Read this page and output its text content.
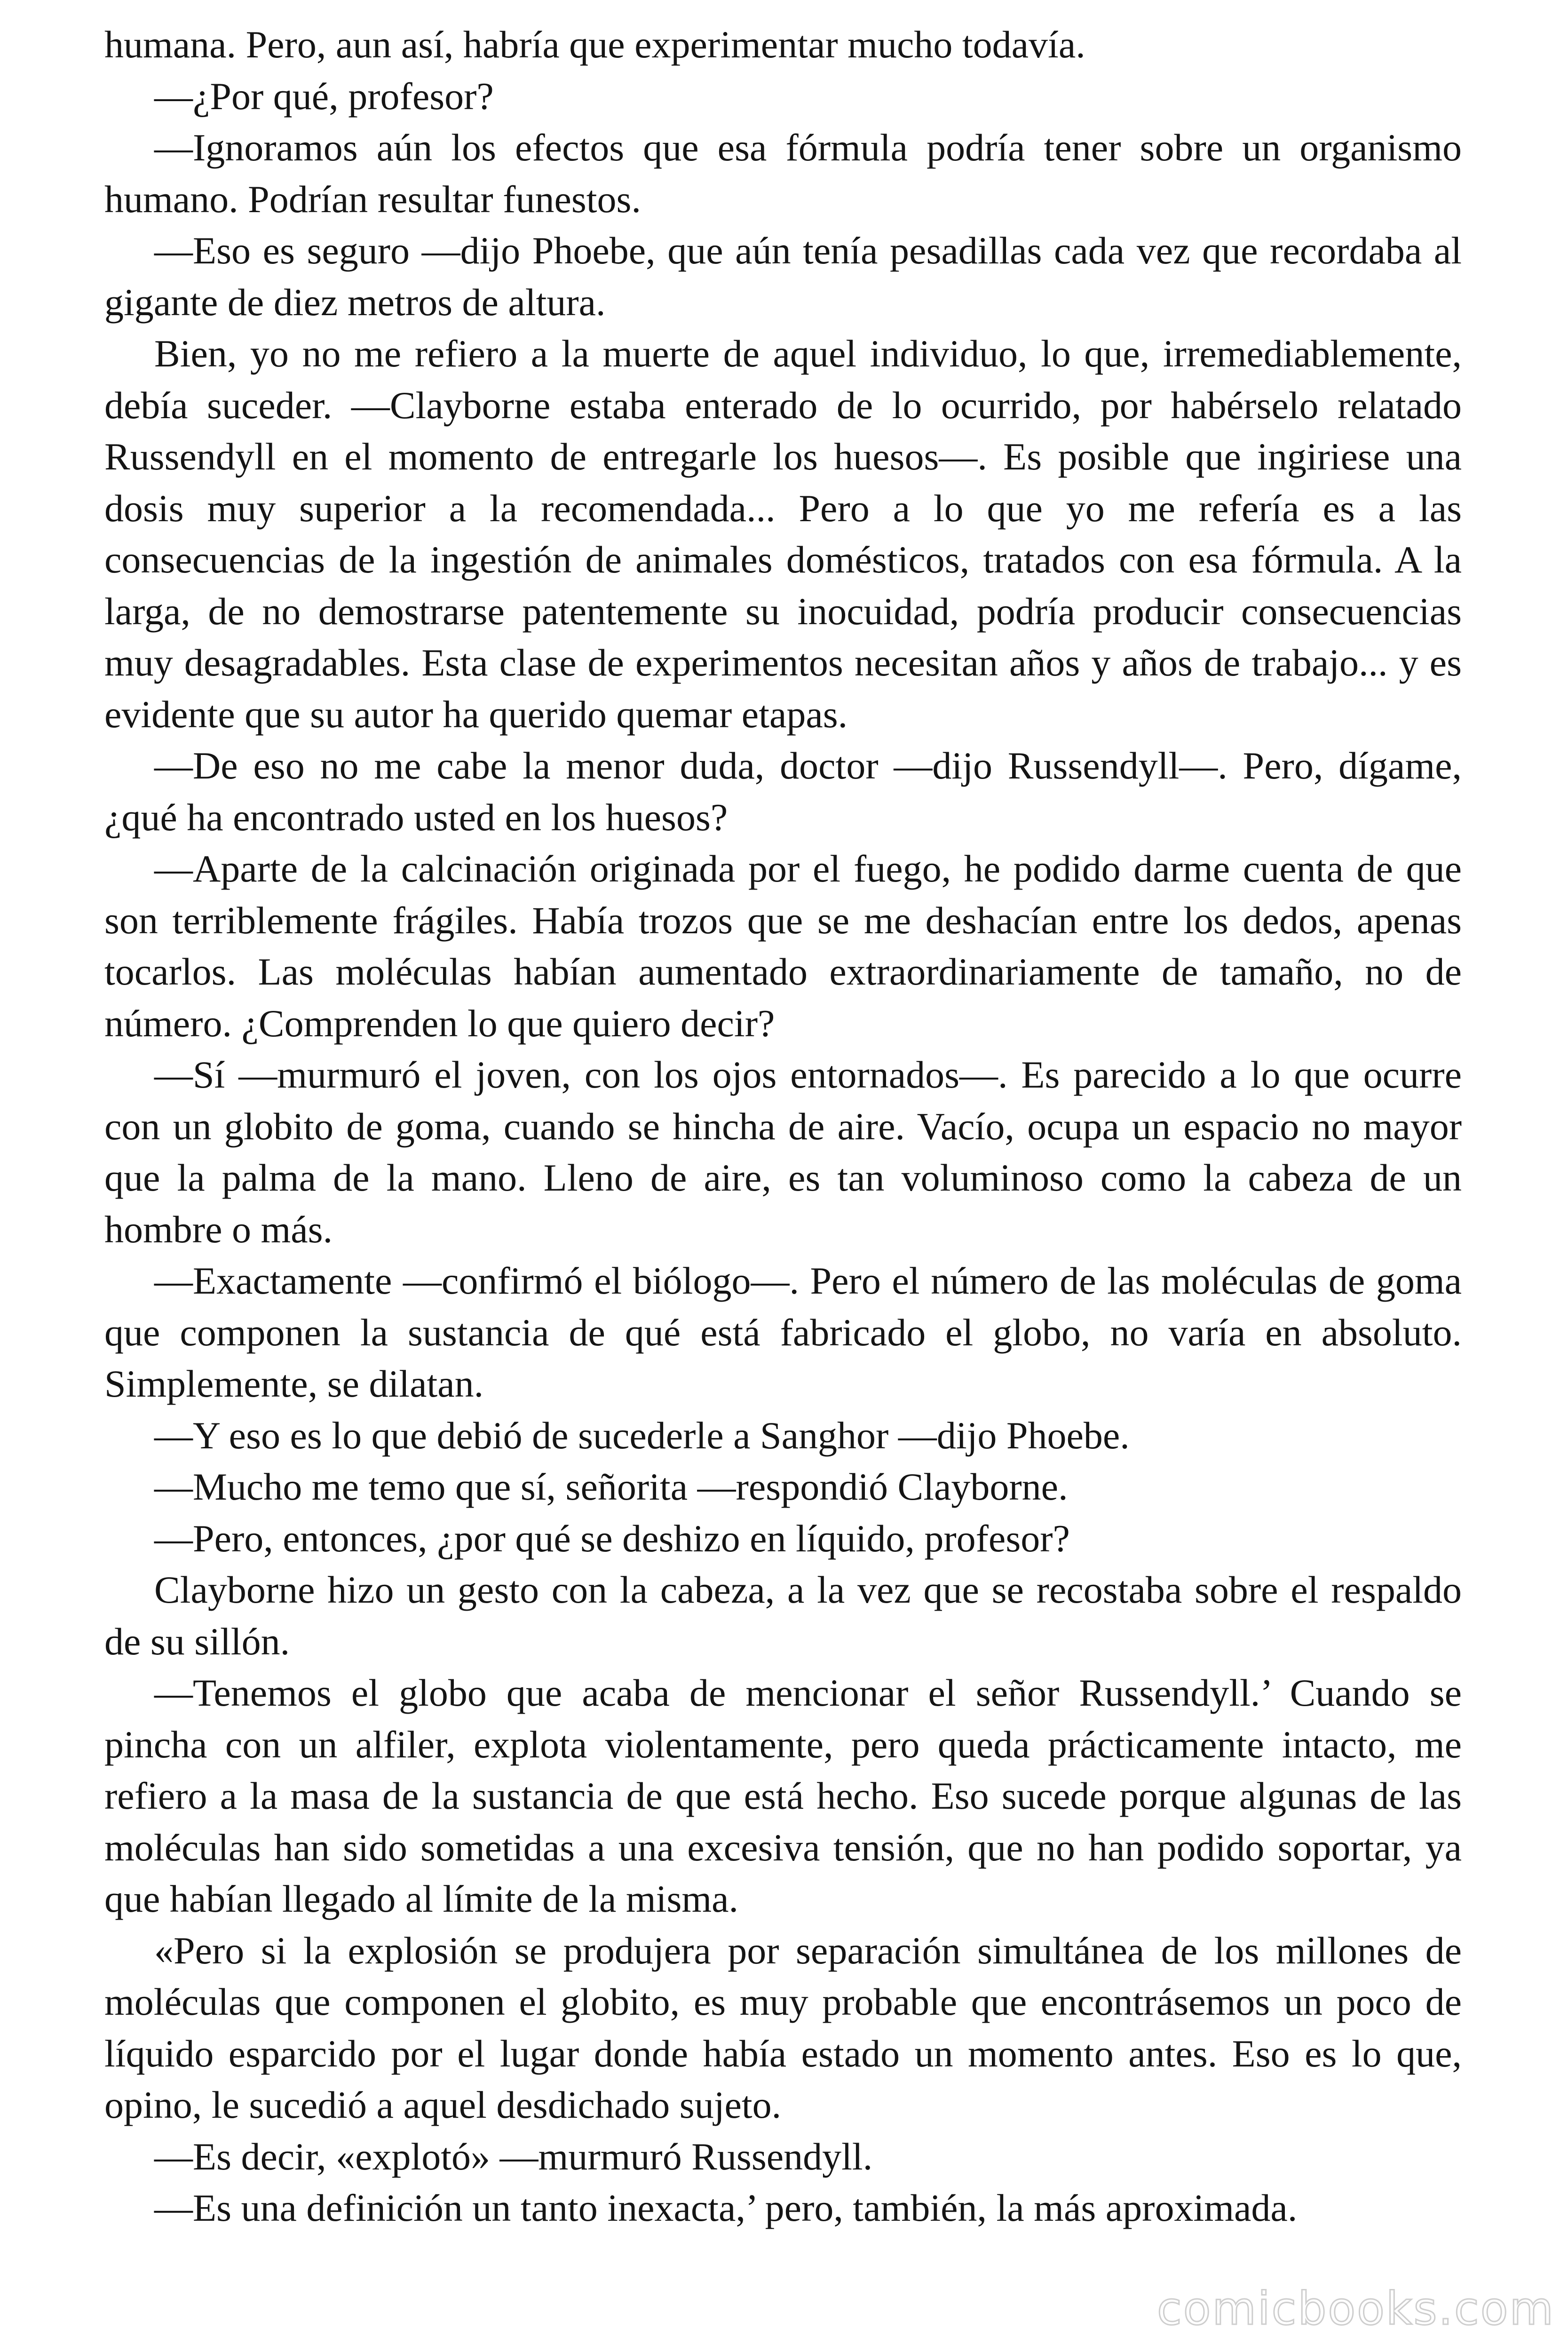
humana. Pero, aun así, habría que experimentar mucho todavía.

—¿Por qué, profesor?

—Ignoramos aún los efectos que esa fórmula podría tener sobre un organismo humano. Podrían resultar funestos.

—Eso es seguro —dijo Phoebe, que aún tenía pesadillas cada vez que recordaba al gigante de diez metros de altura.

Bien, yo no me refiero a la muerte de aquel individuo, lo que, irremediablemente, debía suceder. —Clayborne estaba enterado de lo ocurrido, por habérselo relatado Russendyll en el momento de entregarle los huesos—. Es posible que ingiriese una dosis muy superior a la recomendada... Pero a lo que yo me refería es a las consecuencias de la ingestión de animales domésticos, tratados con esa fórmula. A la larga, de no demostrarse patentemente su inocuidad, podría producir consecuencias muy desagradables. Esta clase de experimentos necesitan años y años de trabajo... y es evidente que su autor ha querido quemar etapas.

—De eso no me cabe la menor duda, doctor —dijo Russendyll—. Pero, dígame, ¿qué ha encontrado usted en los huesos?

—Aparte de la calcinación originada por el fuego, he podido darme cuenta de que son terriblemente frágiles. Había trozos que se me deshacían entre los dedos, apenas tocarlos. Las moléculas habían aumentado extraordinariamente de tamaño, no de número. ¿Comprenden lo que quiero decir?

—Sí —murmuró el joven, con los ojos entornados—. Es parecido a lo que ocurre con un globito de goma, cuando se hincha de aire. Vacío, ocupa un espacio no mayor que la palma de la mano. Lleno de aire, es tan voluminoso como la cabeza de un hombre o más.

—Exactamente —confirmó el biólogo—. Pero el número de las moléculas de goma que componen la sustancia de qué está fabricado el globo, no varía en absoluto. Simplemente, se dilatan.

—Y eso es lo que debió de sucederle a Sanghor —dijo Phoebe.

—Mucho me temo que sí, señorita —respondió Clayborne.

—Pero, entonces, ¿por qué se deshizo en líquido, profesor?

Clayborne hizo un gesto con la cabeza, a la vez que se recostaba sobre el respaldo de su sillón.

—Tenemos el globo que acaba de mencionar el señor Russendyll.’ Cuando se pincha con un alfiler, explota violentamente, pero queda prácticamente intacto, me refiero a la masa de la sustancia de que está hecho. Eso sucede porque algunas de las moléculas han sido sometidas a una excesiva tensión, que no han podido soportar, ya que habían llegado al límite de la misma.

«Pero si la explosión se produjera por separación simultánea de los millones de moléculas que componen el globito, es muy probable que encontrásemos un poco de líquido esparcido por el lugar donde había estado un momento antes. Eso es lo que, opino, le sucedió a aquel desdichado sujeto.

—Es decir, «explotó» —murmuró Russendyll.

—Es una definición un tanto inexacta,’ pero, también, la más aproximada.

comicbooks.com
